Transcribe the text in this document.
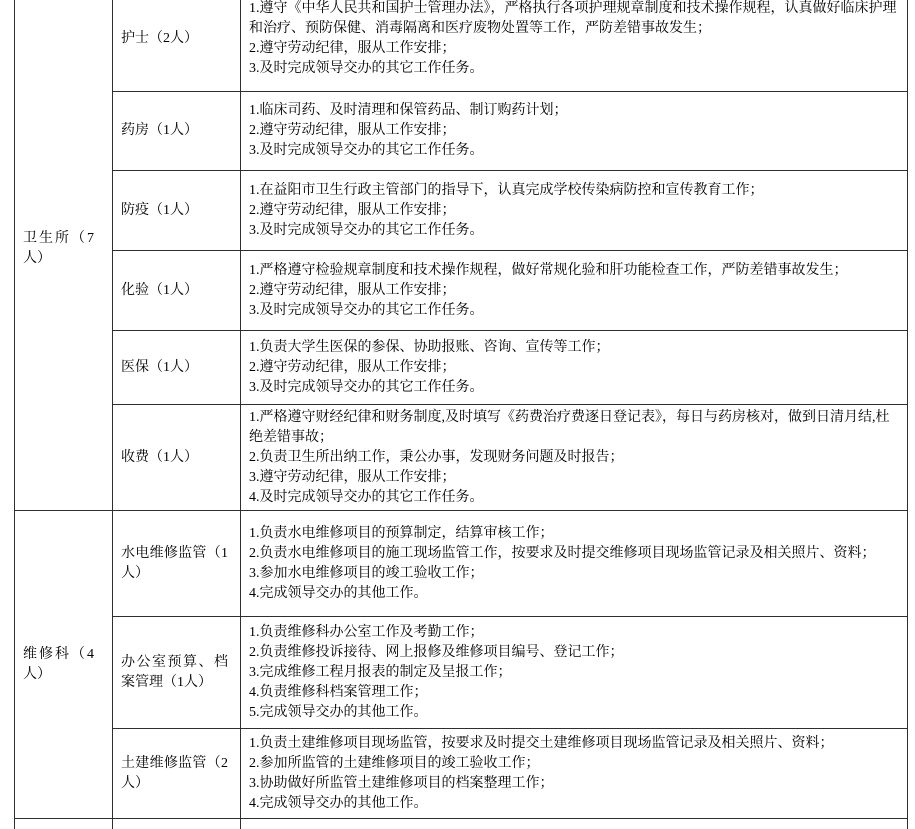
卫生所（7人）	护士（2人）	1.遵守《中华人民共和国护士管理办法》，严格执行各项护理规章制度和技术操作规程，认真做好临床护理和治疗、预防保健、消毒隔离和医疗废物处置等工作，严防差错事故发生；
2.遵守劳动纪律，服从工作安排；
3.及时完成领导交办的其它工作任务。

	药房（1人）	1.临床司药、及时清理和保管药品、制订购药计划；
2.遵守劳动纪律，服从工作安排；
3.及时完成领导交办的其它工作任务。

	防疫（1人）	1.在益阳市卫生行政主管部门的指导下，认真完成学校传染病防控和宣传教育工作；
2.遵守劳动纪律，服从工作安排；
3.及时完成领导交办的其它工作任务。

	化验（1人）	1.严格遵守检验规章制度和技术操作规程，做好常规化验和肝功能检查工作，严防差错事故发生；
2.遵守劳动纪律，服从工作安排；
3.及时完成领导交办的其它工作任务。

	医保（1人）	1.负责大学生医保的参保、协助报账、咨询、宣传等工作；
2.遵守劳动纪律，服从工作安排；
3.及时完成领导交办的其它工作任务。

	收费（1人）	1.严格遵守财经纪律和财务制度,及时填写《药费治疗费逐日登记表》，每日与药房核对，做到日清月结,杜绝差错事故；
2.负责卫生所出纳工作，秉公办事，发现财务问题及时报告；
3.遵守劳动纪律，服从工作安排；
4.及时完成领导交办的其它工作任务。

维修科（4人）	水电维修监管（1人）	1.负责水电维修项目的预算制定，结算审核工作；
2.负责水电维修项目的施工现场监管工作，按要求及时提交维修项目现场监管记录及相关照片、资料；
3.参加水电维修项目的竣工验收工作；
4.完成领导交办的其他工作。

	办公室预算、档案管理（1人）	1.负责维修科办公室工作及考勤工作；
2.负责维修投诉接待、网上报修及维修项目编号、登记工作；
3.完成维修工程月报表的制定及呈报工作；
4.负责维修科档案管理工作；
5.完成领导交办的其他工作。

	土建维修监管（2人）	1.负责土建维修项目现场监管，按要求及时提交土建维修项目现场监管记录及相关照片、资料；
2.参加所监管的土建维修项目的竣工验收工作；
3.协助做好所监管土建维修项目的档案整理工作；
4.完成领导交办的其他工作。
